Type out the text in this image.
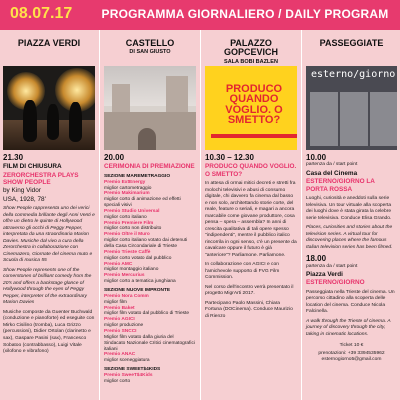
08.07.17	PROGRAMMA GIORNALIERO / DAILY PROGRAM
PIAZZA VERDI
21.30
FILM DI CHIUSURA
ZERORCHESTRA PLAYS SHOW PEOPLE
by King Vidor
USA, 1928, 78'
Show People rappresenta uno dei verici della commedia brillante degli Anni Venti e offre un dietro le quinte di Hollywood attraverso gli occhi di Peggy Pepper, interpretata da una straordinaria Marion Davies. Musiche dal vivo a cura della Zerorchestra in collaborazione con Cinemazero, Giornate del cinema muto e Scuola di musica 55
Show People represents one of the cornerstones of brilliant comedy from the 20's and offers a backstage glance of Hollywood through the eyes of Peggy Pepper, interpreter of the extraordinary Marion Davies
Musiche composte da Guenter Buchwald (conduzione e pianoforte) ed eseguite con Mirko Cisilino (tromba), Luca Grizzo (percussioni), Didier Ortolan (clarinetto e sax), Gaspare Pasini (sax), Francesco Sobatoo (contrabbasso), Luigi Vitale (xilofono e vibrafono)
CASTELLO
DI SAN GIUSTO
20.00
CERIMONIA DI PREMIAZIONE
SEZIONE MAREMETRAGGIO
Premio ExtEnergy
miglior cartometraggio
Premio Makimarium
miglior corto di animazione ed effetti speciali visivi
Premio Studio Universal
miglior corto italiano
Premio Premiere Film
miglior corto non distribuito
Premio Oltre il Muro
miglior corto italiano votato dai detenuti della Casa Circondariale di Trieste
Premio Trieste Caffè
miglior corto votato dal pubblico
Premio AMC
miglior montaggio italiano
Premio Mercurius
miglior corto a tematica junghiana
SEZIONE NUOVE IMPRONTE
Premio Nora Comm
miglior film
Premio Baket
miglior film votato dal pubblico di Trieste
Premio AGICI
miglior produzione
Premio SNCCI
Miglior film votato dalla giuria del Sindacato Nazionale Critici cinematografici italiani
Premio ANAC
miglior sceneggiatura
SEZIONE SWEET$4KIDS
Premio SweeT$4Kids
miglior corto
PALAZZO GOPCEVICH
SALA BOBI BAZLEN
PRODUCO QUANDO VOGLIO. O SMETTO?
10.30 – 12.30
PRODUCO QUANDO VOGLIO. O SMETTO?
In attesa di ormai mitici decreti e stretti fra molochi televisivi e abusi di consumo digitale, chi davvero fa cinema dal basso e non solo, architettando storie corte, del reale, feature o seriali, e magari a ancora marcabile come giovane produttore, cosa pensa – spera – assembla? In anni di crescita qualitativa di tali opere spesso "indipendenti", mentre il pubblico italico rincorrila in ogni senso, c'è un presente da cavalcare oppure il futuro è già "anteriore"? Parliamone. Parliamone.
In collaborazione con AGICI e con l'amichevole supporto di FVG Film Commission.
Nel corso dell'incontro verrà presentato il progetto MigrArti 2017.
Partecipano Paolo Massini, Chiara Fortuna (DOCinema). Conduce Maurizio di Rienzo
PASSEGGIATE
esterno/giorno
10.00
partenza da / start point
Casa del Cinema
ESTERNO/GIORNO LA PORTA ROSSA
Luoghi, curiosità e aneddoti sulla serie televisiva. Un tour virtuale alla scoperta dei luoghi dove è stata girata la celebre serie televisiva. Conduce Elisa Grando.
Places, curiosities and stories about the television series. A virtual tour for discovering places where the famous Italian television series has been filmed.
18.00
partenza da / start point
Piazza Verdi
ESTERNO/GIORNO
Passeggiata nella Trieste del cinema. Un percorso cittadino alla scoperta delle location del cinema. Conduce Nicola Falcinella.
A walk through the Trieste of cinema. A journey of discovery through the city, taking in cinematic locations.
Ticket 10 €
prenotazioni: +39 3394535962
esternogiorno5@gmail.com
